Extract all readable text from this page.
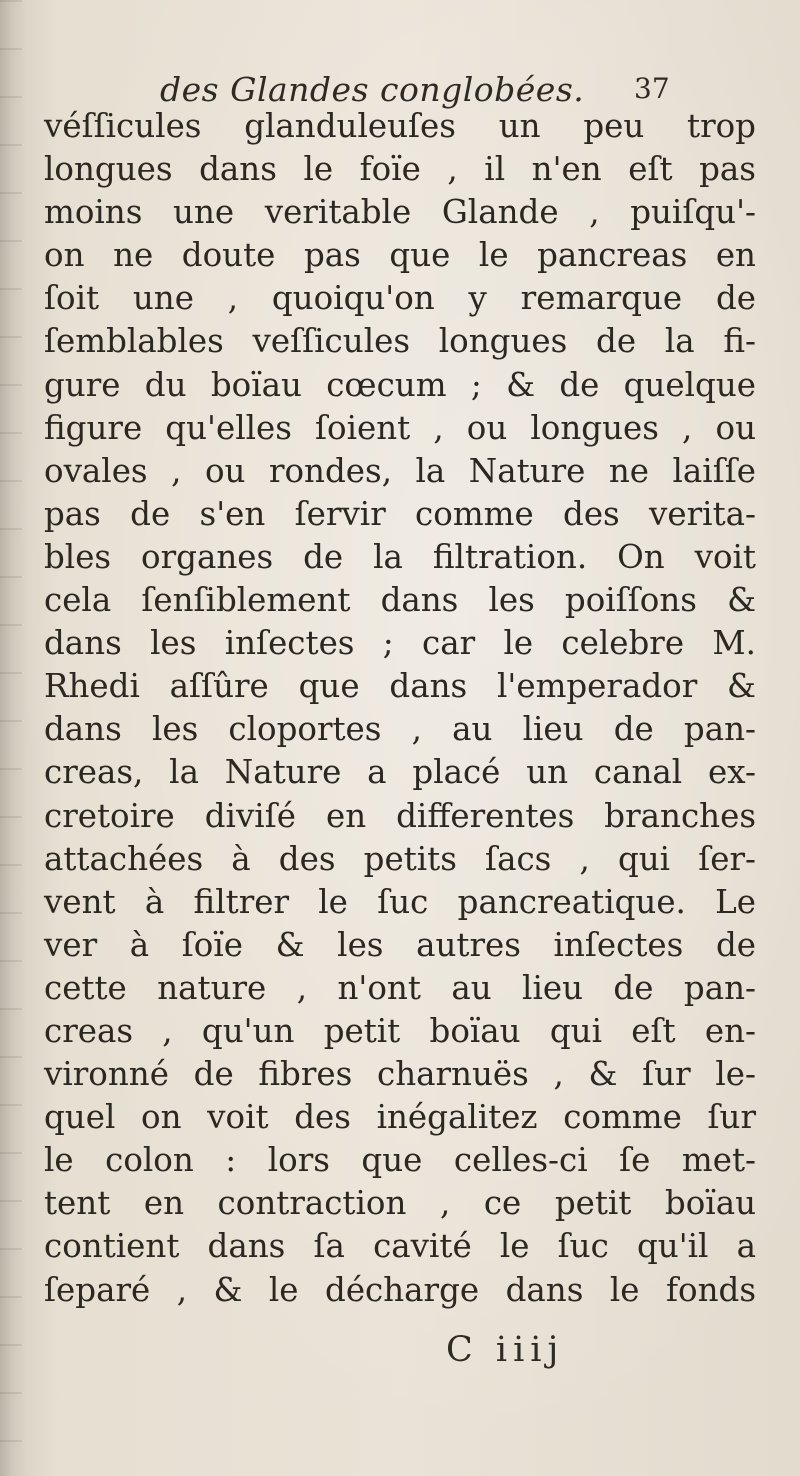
des Glandes conglobées. 37
véſſicules glanduleuſes un peu trop
longues dans le foïe , il n'en eſt pas
moins une veritable Glande , puiſqu'-
on ne doute pas que le pancreas en
ſoit une , quoiqu'on y remarque de
ſemblables veſſicules longues de la fi-
gure du boïau cœcum ; & de quelque
figure qu'elles ſoient , ou longues , ou
ovales , ou rondes, la Nature ne laiſſe
pas de s'en ſervir comme des verita-
bles organes de la filtration. On voit
cela ſenſiblement dans les poiſſons &
dans les inſectes ; car le celebre M.
Rhedi aſſûre que dans l'emperador &
dans les cloportes , au lieu de pan-
creas, la Nature a placé un canal ex-
cretoire diviſé en differentes branches
attachées à des petits ſacs , qui ſer-
vent à filtrer le ſuc pancreatique. Le
ver à ſoïe & les autres inſectes de
cette nature , n'ont au lieu de pan-
creas , qu'un petit boïau qui eſt en-
vironné de fibres charnuës , & ſur le-
quel on voit des inégalitez comme ſur
le colon : lors que celles-ci ſe met-
tent en contraction , ce petit boïau
contient dans ſa cavité le ſuc qu'il a
ſeparé , & le décharge dans le fonds
C iiij
